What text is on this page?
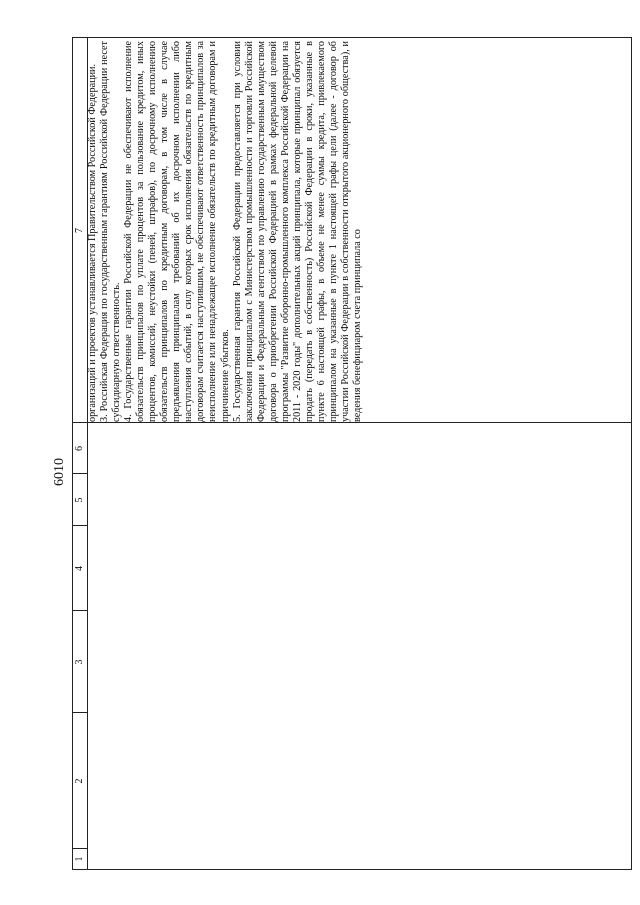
6010
1
2
3
4
5
6
7 организаций и проектов устанавливается Правительством Российской Федерации. 3. Российская Федерация по государственным гарантиям Российской Федерации несет субсидиарную ответственность. 4. Государственные гарантии Российской Федерации не обеспечивают исполнение обязательств принципалов по уплате процентов за пользование кредитом, иных процентов, комиссий, неустойки (пеней, штрафов), по досрочному исполнению обязательств принципалов по кредитным договорам, в том числе в случае предъявления принципалам требований об их досрочном исполнении либо наступления событий, в силу которых срок исполнения обязательств по кредитным договорам считается наступившим, не обеспечивают ответственность принципалов за неисполнение или ненадлежащее исполнение обязательств по кредитным договорам и причинение убытков. 5. Государственная гарантия Российской Федерации предоставляется при условии заключения принципалом с Министерством промышленности и торговли Российской Федерации и Федеральным агентством по управлению государственным имуществом договора о приобретении Российской Федерацией в рамках федеральной целевой программы "Развитие оборонно-промышленного комплекса Российской Федерации на 2011 - 2020 годы" дополнительных акций принципала, которые принципал обязуется продать (передать в собственность) Российской Федерации в сроки, указанные в пункте 6 настоящей графы, в объеме не менее суммы кредита, привлекаемого принципалом на указанные в пункте 1 настоящей графы цели (далее - договор об участии Российской Федерации в собственности открытого акционерного общества), и ведения бенефициаром счета принципала со
